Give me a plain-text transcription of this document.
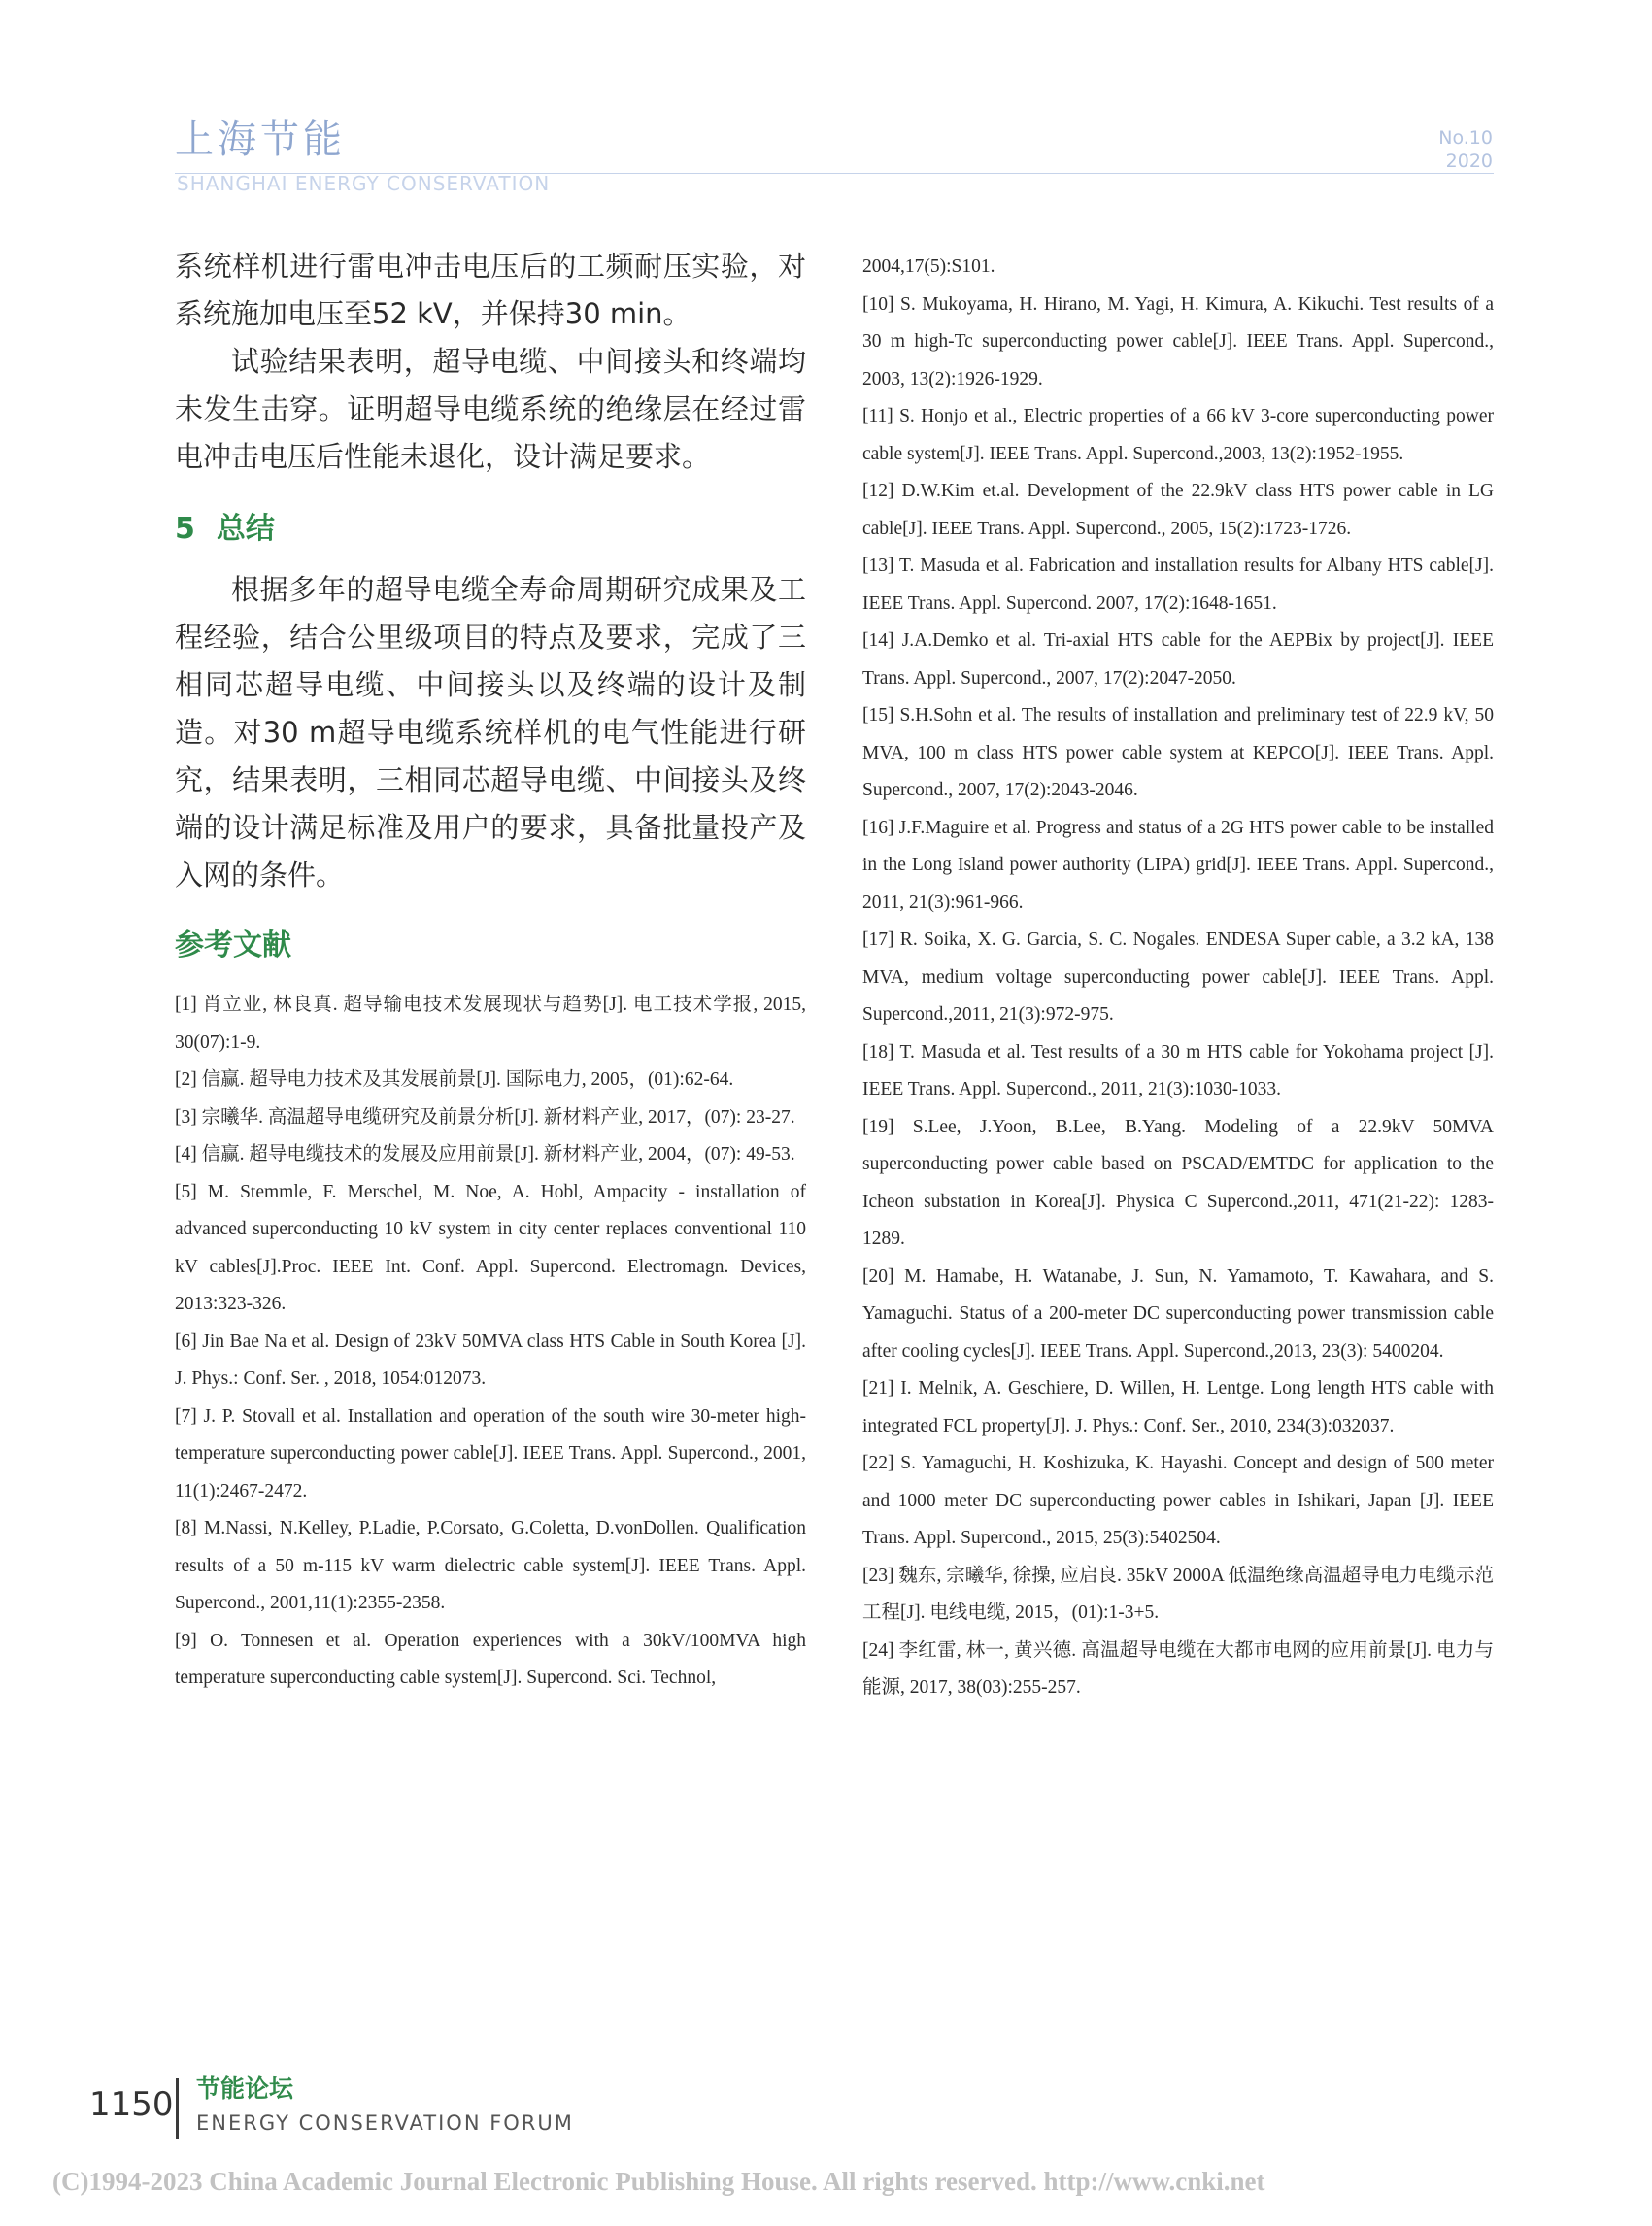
上海节能
SHANGHAI ENERGY CONSERVATION
No.10
2020

系统样机进行雷电冲击电压后的工频耐压实验，对系统施加电压至52 kV，并保持30 min。

试验结果表明，超导电缆、中间接头和终端均未发生击穿。证明超导电缆系统的绝缘层在经过雷电冲击电压后性能未退化，设计满足要求。

5 总结

根据多年的超导电缆全寿命周期研究成果及工程经验，结合公里级项目的特点及要求，完成了三相同芯超导电缆、中间接头以及终端的设计及制造。对30 m超导电缆系统样机的电气性能进行研究，结果表明，三相同芯超导电缆、中间接头及终端的设计满足标准及用户的要求，具备批量投产及入网的条件。

参考文献
[1] 肖立业, 林良真. 超导输电技术发展现状与趋势[J]. 电工技术学报, 2015, 30(07):1-9.
[2] 信赢. 超导电力技术及其发展前景[J]. 国际电力, 2005，(01):62-64.
[3] 宗曦华. 高温超导电缆研究及前景分析[J]. 新材料产业, 2017，(07): 23-27.
[4] 信赢. 超导电缆技术的发展及应用前景[J]. 新材料产业, 2004，(07): 49-53.
[5] M. Stemmle, F. Merschel, M. Noe, A. Hobl, Ampacity - installation of advanced superconducting 10 kV system in city center replaces conventional 110 kV cables[J].Proc. IEEE Int. Conf. Appl. Supercond. Electromagn. Devices, 2013:323-326.
[6] Jin Bae Na et al. Design of 23kV 50MVA class HTS Cable in South Korea [J]. J. Phys.: Conf. Ser. , 2018, 1054:012073.
[7] J. P. Stovall et al. Installation and operation of the south wire 30-meter high-temperature superconducting power cable[J]. IEEE Trans. Appl. Supercond., 2001, 11(1):2467-2472.
[8] M.Nassi, N.Kelley, P.Ladie, P.Corsato, G.Coletta, D.vonDollen. Qualification results of a 50 m-115 kV warm dielectric cable system[J]. IEEE Trans. Appl. Supercond., 2001,11(1):2355-2358.
[9] O. Tonnesen et al. Operation experiences with a 30kV/100MVA high temperature superconducting cable system[J]. Supercond. Sci. Technol,
2004,17(5):S101.
[10] S. Mukoyama, H. Hirano, M. Yagi, H. Kimura, A. Kikuchi. Test results of a 30 m high-Tc superconducting power cable[J]. IEEE Trans. Appl. Supercond., 2003, 13(2):1926-1929.
[11] S. Honjo et al., Electric properties of a 66 kV 3-core superconducting power cable system[J]. IEEE Trans. Appl. Supercond.,2003, 13(2):1952-1955.
[12] D.W.Kim et.al. Development of the 22.9kV class HTS power cable in LG cable[J]. IEEE Trans. Appl. Supercond., 2005, 15(2):1723-1726.
[13] T. Masuda et al. Fabrication and installation results for Albany HTS cable[J]. IEEE Trans. Appl. Supercond. 2007, 17(2):1648-1651.
[14] J.A.Demko et al. Tri-axial HTS cable for the AEPBix by project[J]. IEEE Trans. Appl. Supercond., 2007, 17(2):2047-2050.
[15] S.H.Sohn et al. The results of installation and preliminary test of 22.9 kV, 50 MVA, 100 m class HTS power cable system at KEPCO[J]. IEEE Trans. Appl. Supercond., 2007, 17(2):2043-2046.
[16] J.F.Maguire et al. Progress and status of a 2G HTS power cable to be installed in the Long Island power authority (LIPA) grid[J]. IEEE Trans. Appl. Supercond., 2011, 21(3):961-966.
[17] R. Soika, X. G. Garcia, S. C. Nogales. ENDESA Super cable, a 3.2 kA, 138 MVA, medium voltage superconducting power cable[J]. IEEE Trans. Appl. Supercond.,2011, 21(3):972-975.
[18] T. Masuda et al. Test results of a 30 m HTS cable for Yokohama project [J]. IEEE Trans. Appl. Supercond., 2011, 21(3):1030-1033.
[19] S.Lee, J.Yoon, B.Lee, B.Yang. Modeling of a 22.9kV 50MVA superconducting power cable based on PSCAD/EMTDC for application to the Icheon substation in Korea[J]. Physica C Supercond.,2011, 471(21-22): 1283-1289.
[20] M. Hamabe, H. Watanabe, J. Sun, N. Yamamoto, T. Kawahara, and S. Yamaguchi. Status of a 200-meter DC superconducting power transmission cable after cooling cycles[J]. IEEE Trans. Appl. Supercond.,2013, 23(3): 5400204.
[21] I. Melnik, A. Geschiere, D. Willen, H. Lentge. Long length HTS cable with integrated FCL property[J]. J. Phys.: Conf. Ser., 2010, 234(3):032037.
[22] S. Yamaguchi, H. Koshizuka, K. Hayashi. Concept and design of 500 meter and 1000 meter DC superconducting power cables in Ishikari, Japan [J]. IEEE Trans. Appl. Supercond., 2015, 25(3):5402504.
[23] 魏东, 宗曦华, 徐操, 应启良. 35kV 2000A 低温绝缘高温超导电力电缆示范工程[J]. 电线电缆, 2015，(01):1-3+5.
[24] 李红雷, 林一, 黄兴德. 高温超导电缆在大都市电网的应用前景[J]. 电力与能源, 2017, 38(03):255-257.
1150 节能论坛
ENERGY CONSERVATION FORUM
(C)1994-2023 China Academic Journal Electronic Publishing House. All rights reserved. http://www.cnki.net
